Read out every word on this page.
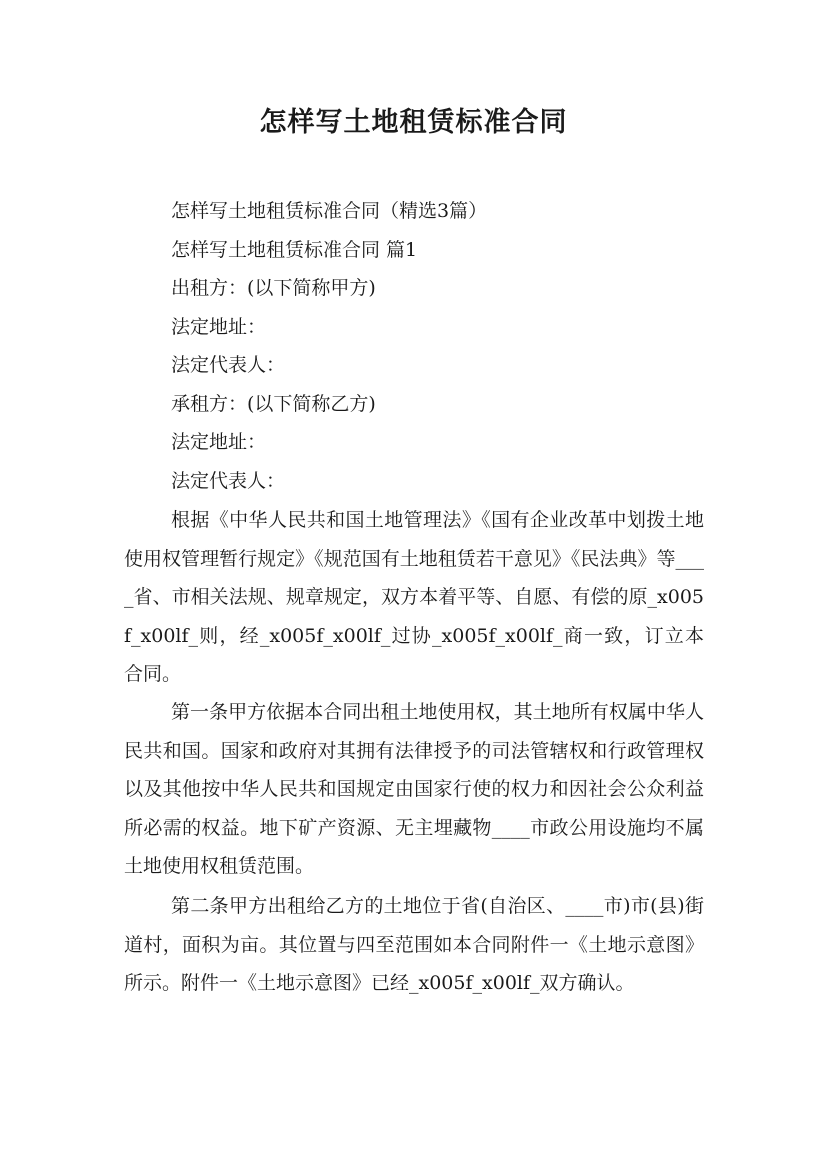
怎样写土地租赁标准合同

怎样写土地租赁标准合同（精选3篇）

怎样写土地租赁标准合同 篇1

出租方：(以下简称甲方)

法定地址：

法定代表人：

承租方：(以下简称乙方)

法定地址：

法定代表人：

根据《中华人民共和国土地管理法》《国有企业改革中划拨土地使用权管理暂行规定》《规范国有土地租赁若干意见》《民法典》等____省、市相关法规、规章规定，双方本着平等、自愿、有偿的原_x005f_x00lf_则，经_x005f_x00lf_过协_x005f_x00lf_商一致，订立本合同。

第一条甲方依据本合同出租土地使用权，其土地所有权属中华人民共和国。国家和政府对其拥有法律授予的司法管辖权和行政管理权以及其他按中华人民共和国规定由国家行使的权力和因社会公众利益所必需的权益。地下矿产资源、无主埋藏物____市政公用设施均不属土地使用权租赁范围。

第二条甲方出租给乙方的土地位于省(自治区、____市)市(县)街道村，面积为亩。其位置与四至范围如本合同附件一《土地示意图》所示。附件一《土地示意图》已经_x005f_x00lf_双方确认。
